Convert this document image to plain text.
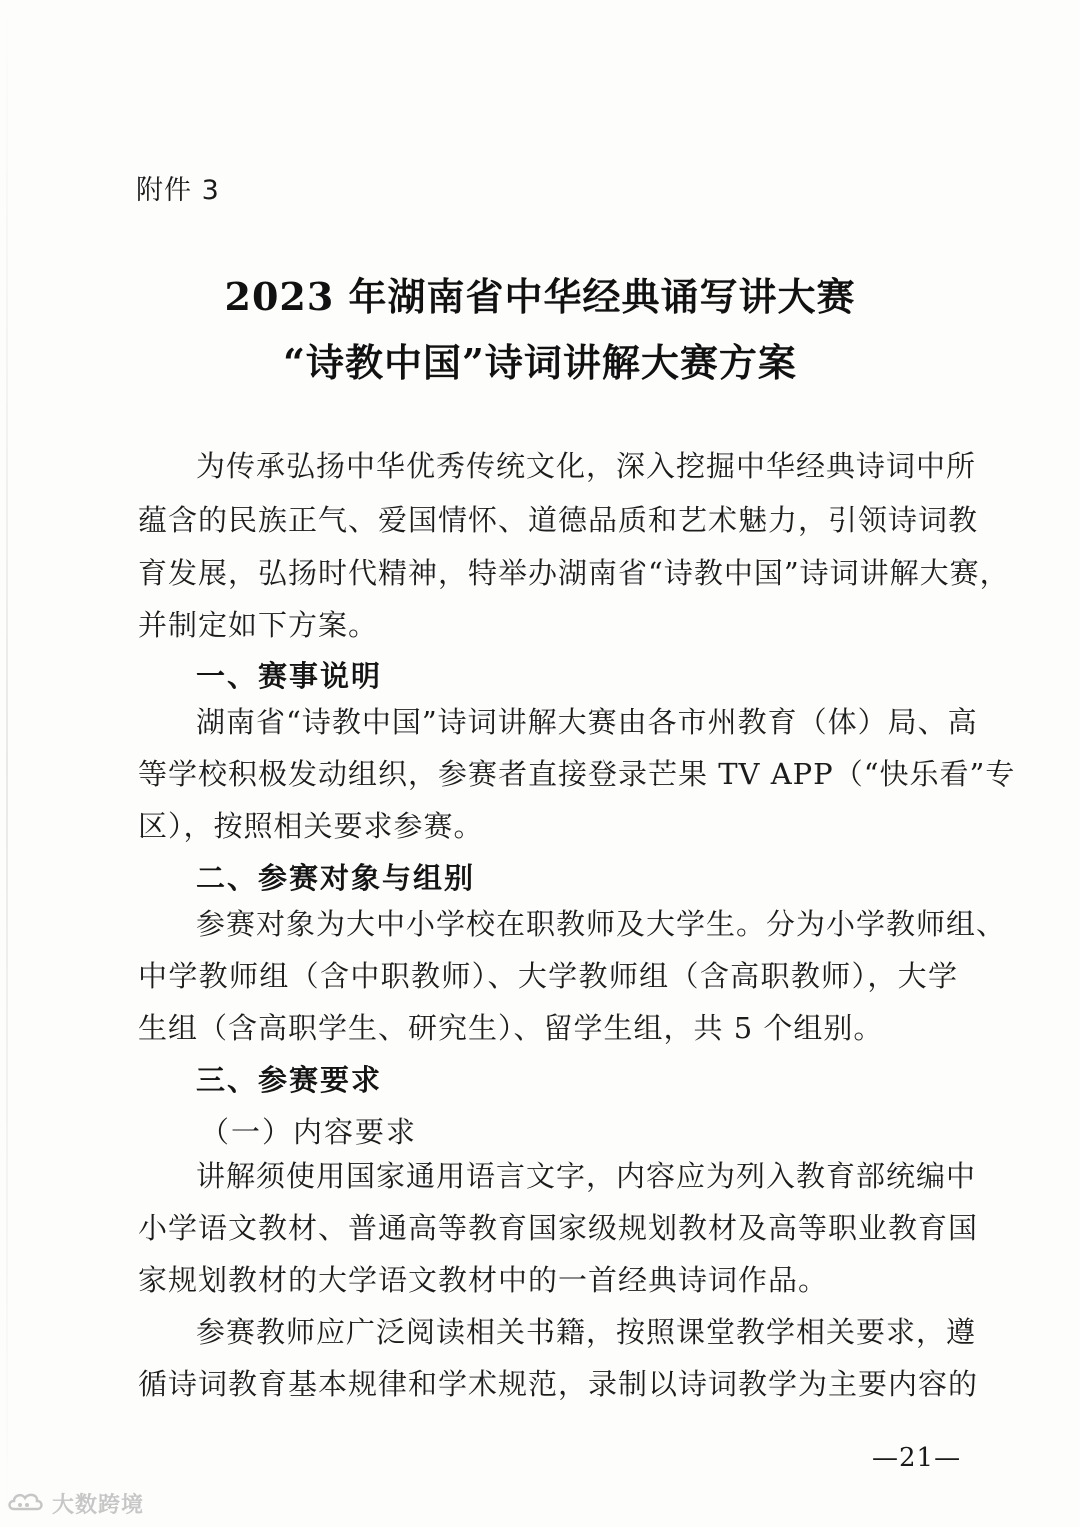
附件 3
2023 年湖南省中华经典诵写讲大赛
“诗教中国”诗词讲解大赛方案
为传承弘扬中华优秀传统文化，深入挖掘中华经典诗词中所
蕴含的民族正气、爱国情怀、道德品质和艺术魅力，引领诗词教
育发展，弘扬时代精神，特举办湖南省“诗教中国”诗词讲解大赛，
并制定如下方案。
一、赛事说明
湖南省“诗教中国”诗词讲解大赛由各市州教育（体）局、高
等学校积极发动组织，参赛者直接登录芒果 TV APP（“快乐看”专
区），按照相关要求参赛。
二、参赛对象与组别
参赛对象为大中小学校在职教师及大学生。分为小学教师组、
中学教师组（含中职教师）、大学教师组（含高职教师），大学
生组（含高职学生、研究生）、留学生组，共 5 个组别。
三、参赛要求
（一）内容要求
讲解须使用国家通用语言文字，内容应为列入教育部统编中
小学语文教材、普通高等教育国家级规划教材及高等职业教育国
家规划教材的大学语文教材中的一首经典诗词作品。
参赛教师应广泛阅读相关书籍，按照课堂教学相关要求，遵
循诗词教育基本规律和学术规范，录制以诗词教学为主要内容的
—21—
大数跨境
